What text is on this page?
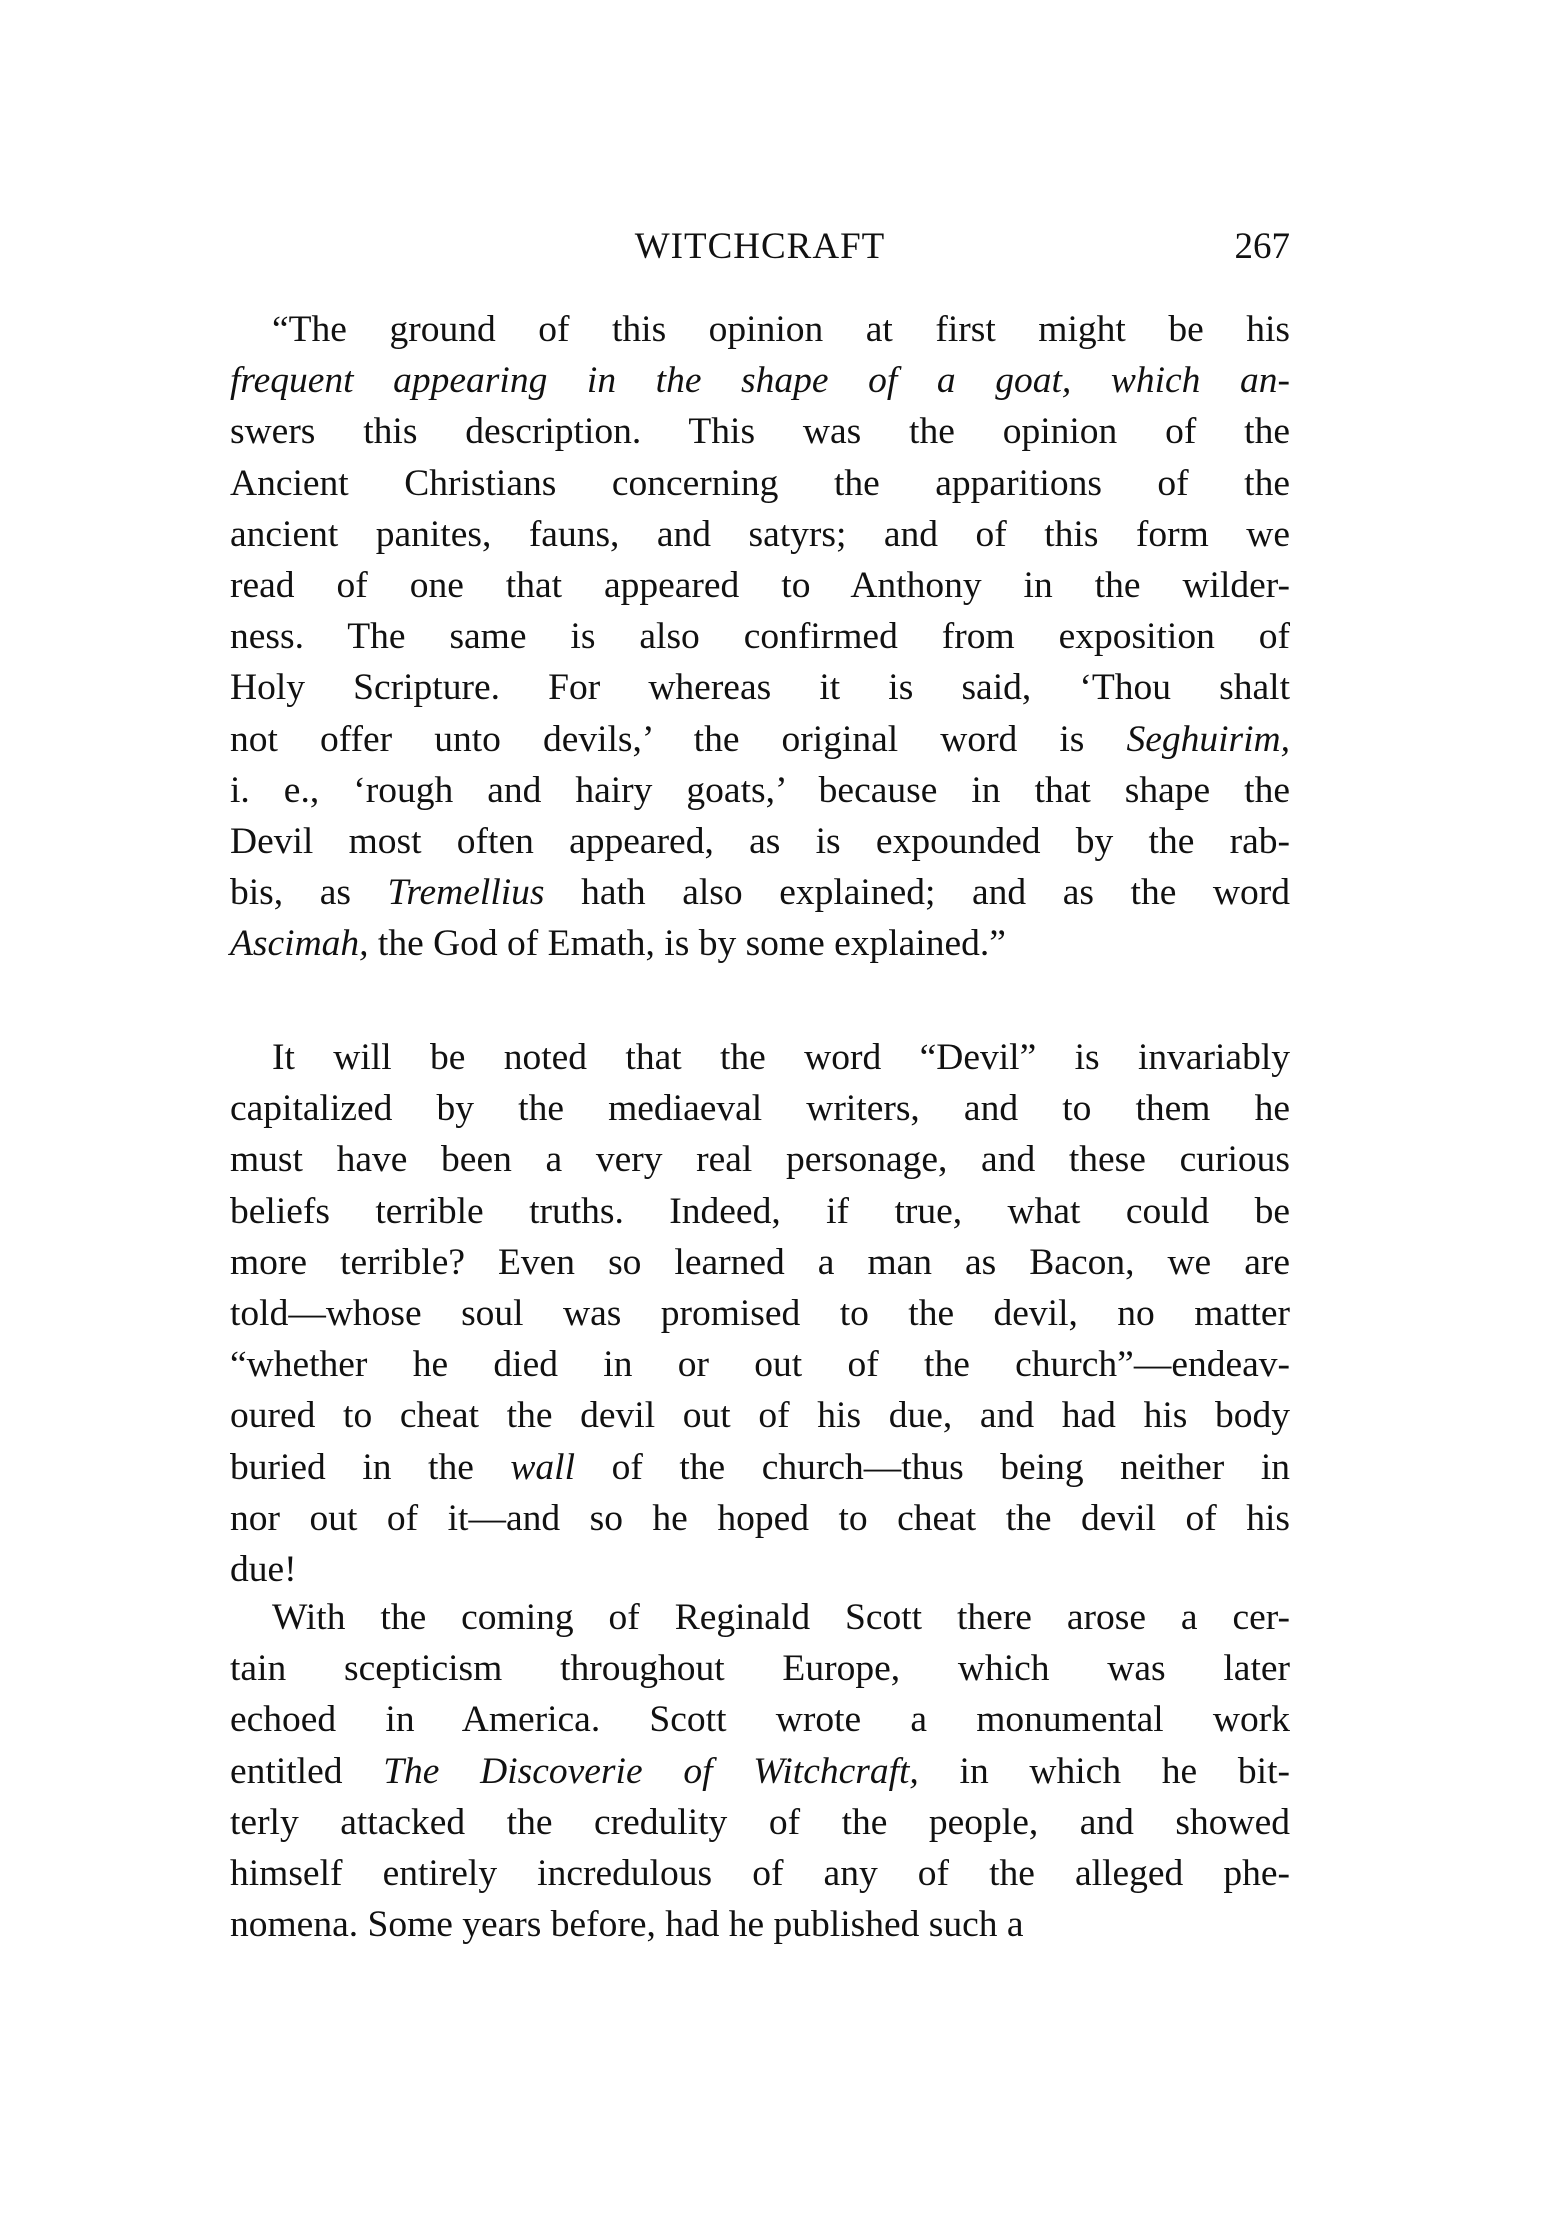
WITCHCRAFT	267

“The ground of this opinion at first might be his
frequent appearing in the shape of a goat, which an-
swers this description. This was the opinion of the
Ancient Christians concerning the apparitions of the
ancient panites, fauns, and satyrs; and of this form we
read of one that appeared to Anthony in the wilder-
ness. The same is also confirmed from exposition of
Holy Scripture. For whereas it is said, ‘Thou shalt
not offer unto devils,’ the original word is Seghuirim,
i. e., ‘rough and hairy goats,’ because in that shape the
Devil most often appeared, as is expounded by the rab-
bis, as Tremellius hath also explained; and as the word
Ascimah, the God of Emath, is by some explained.”

It will be noted that the word “Devil” is invariably
capitalized by the mediaeval writers, and to them he
must have been a very real personage, and these curious
beliefs terrible truths. Indeed, if true, what could be
more terrible? Even so learned a man as Bacon, we are
told—whose soul was promised to the devil, no matter
“whether he died in or out of the church”—endeav-
oured to cheat the devil out of his due, and had his body
buried in the wall of the church—thus being neither in
nor out of it—and so he hoped to cheat the devil of his
due!

With the coming of Reginald Scott there arose a cer-
tain scepticism throughout Europe, which was later
echoed in America. Scott wrote a monumental work
entitled The Discoverie of Witchcraft, in which he bit-
terly attacked the credulity of the people, and showed
himself entirely incredulous of any of the alleged phe-
nomena. Some years before, had he published such a
